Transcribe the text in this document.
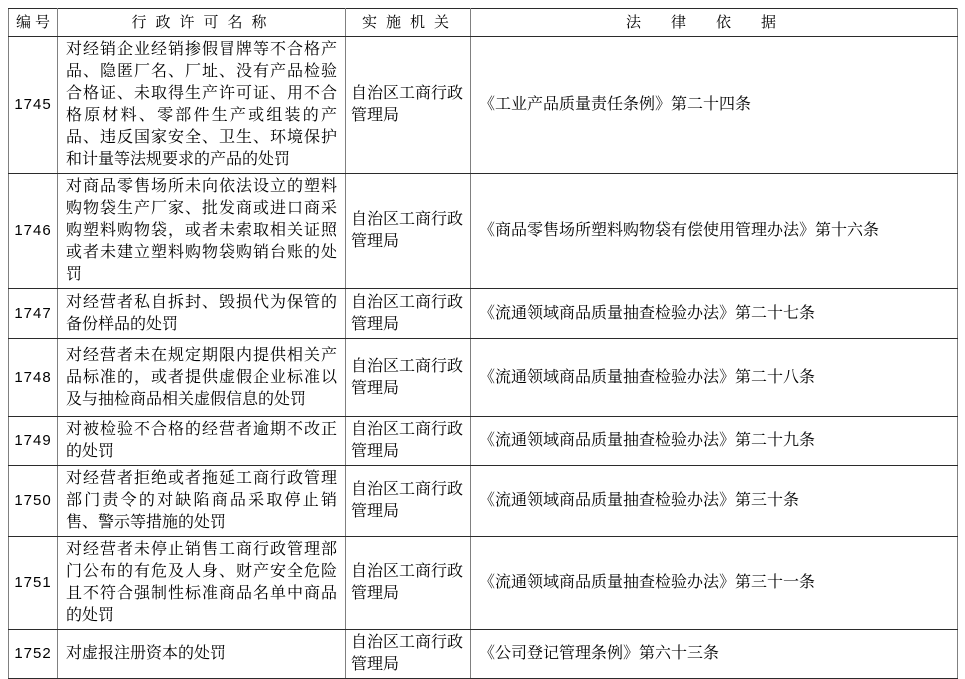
编号	行政许可名称	实施机关	法律依据
1745	对经销企业经销掺假冒牌等不合格产品、隐匿厂名、厂址、没有产品检验合格证、未取得生产许可证、用不合格原材料、零部件生产或组装的产品、违反国家安全、卫生、环境保护和计量等法规要求的产品的处罚	自治区工商行政管理局	《工业产品质量责任条例》第二十四条
1746	对商品零售场所未向依法设立的塑料购物袋生产厂家、批发商或进口商采购塑料购物袋，或者未索取相关证照或者未建立塑料购物袋购销台账的处罚	自治区工商行政管理局	《商品零售场所塑料购物袋有偿使用管理办法》第十六条
1747	对经营者私自拆封、毁损代为保管的备份样品的处罚	自治区工商行政管理局	《流通领域商品质量抽查检验办法》第二十七条
1748	对经营者未在规定期限内提供相关产品标准的，或者提供虚假企业标准以及与抽检商品相关虚假信息的处罚	自治区工商行政管理局	《流通领域商品质量抽查检验办法》第二十八条
1749	对被检验不合格的经营者逾期不改正的处罚	自治区工商行政管理局	《流通领域商品质量抽查检验办法》第二十九条
1750	对经营者拒绝或者拖延工商行政管理部门责令的对缺陷商品采取停止销售、警示等措施的处罚	自治区工商行政管理局	《流通领域商品质量抽查检验办法》第三十条
1751	对经营者未停止销售工商行政管理部门公布的有危及人身、财产安全危险且不符合强制性标准商品名单中商品的处罚	自治区工商行政管理局	《流通领域商品质量抽查检验办法》第三十一条
1752	对虚报注册资本的处罚	自治区工商行政管理局	《公司登记管理条例》第六十三条
